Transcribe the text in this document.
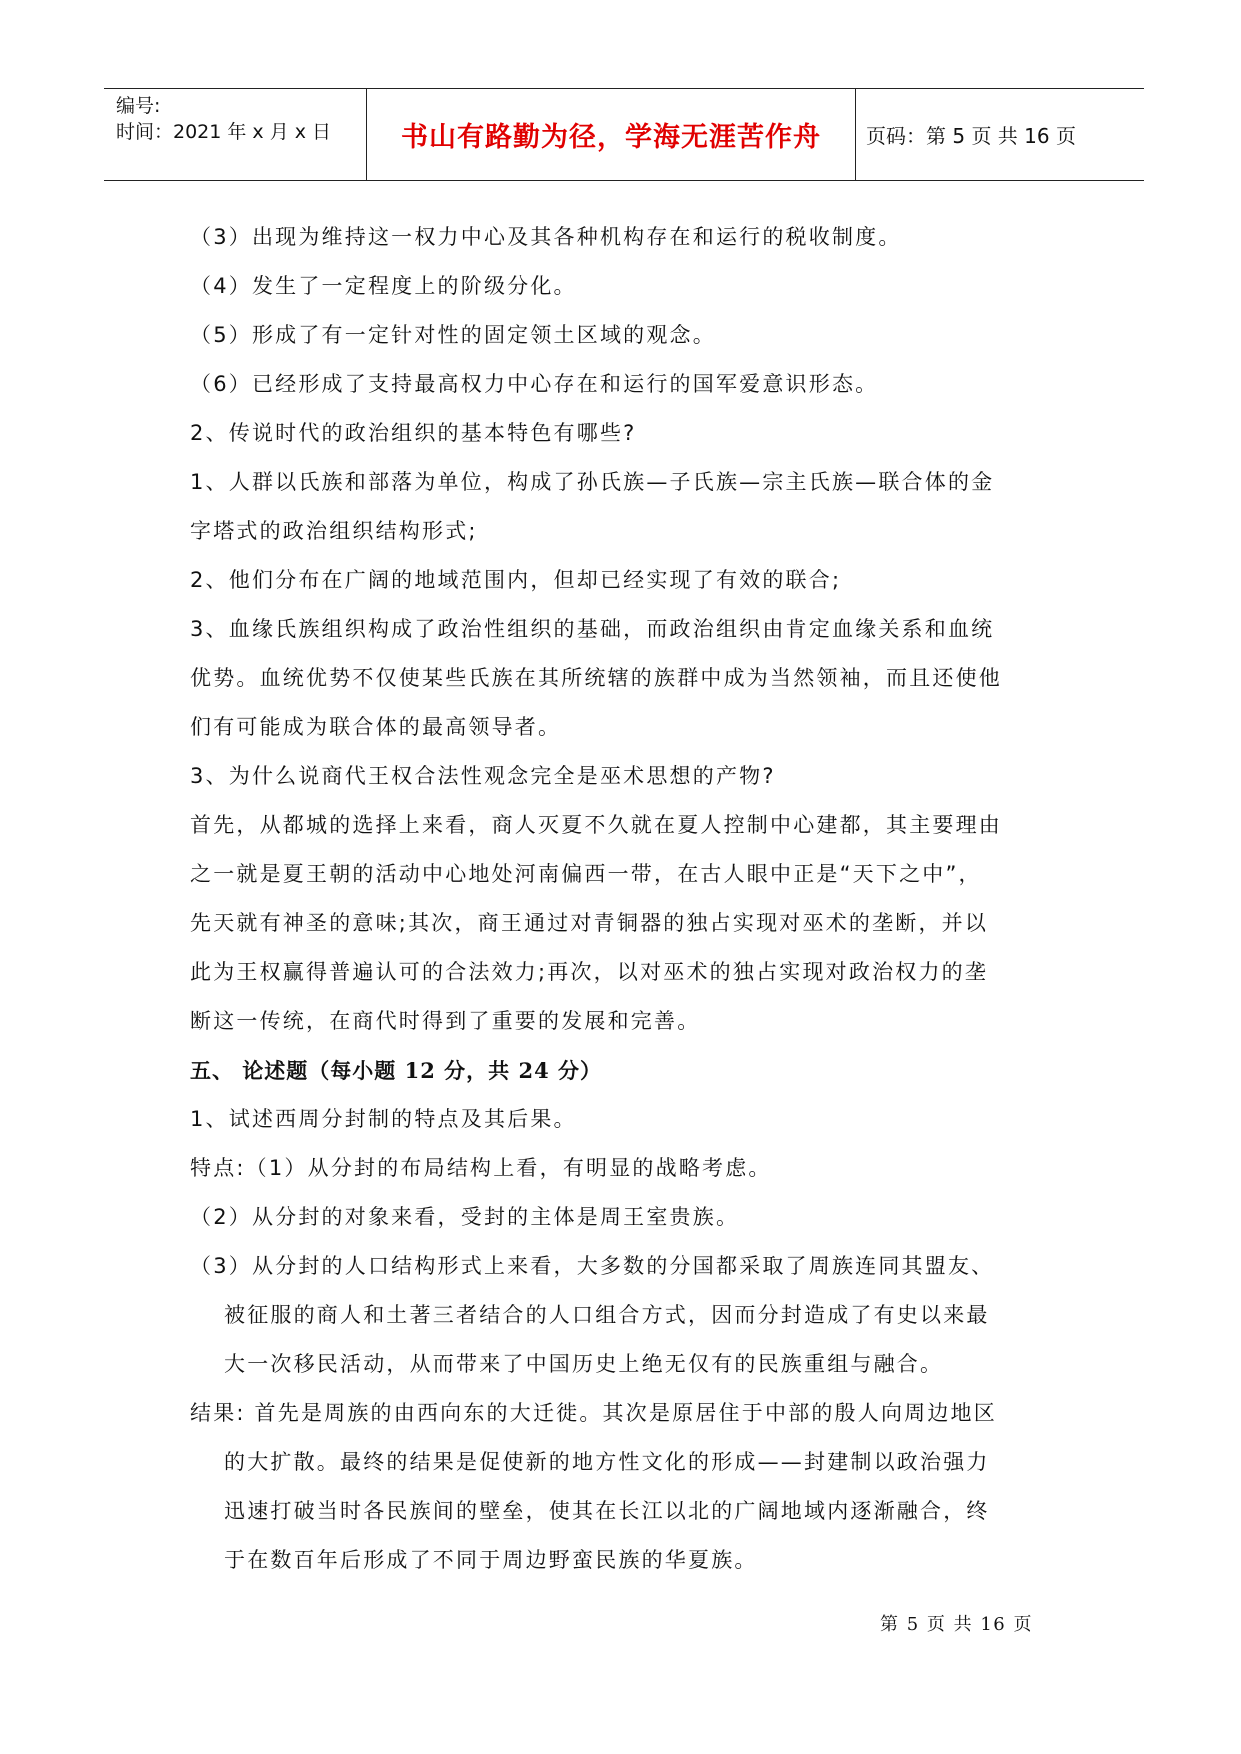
编号:
时间：2021 年 x 月 x 日	书山有路勤为径，学海无涯苦作舟	页码：第 5 页 共 16 页
（3）出现为维持这一权力中心及其各种机构存在和运行的税收制度。
（4）发生了一定程度上的阶级分化。
（5）形成了有一定针对性的固定领土区域的观念。
（6）已经形成了支持最高权力中心存在和运行的国军爱意识形态。
2、传说时代的政治组织的基本特色有哪些?
1、人群以氏族和部落为单位，构成了孙氏族—子氏族—宗主氏族—联合体的金
字塔式的政治组织结构形式;
2、他们分布在广阔的地域范围内，但却已经实现了有效的联合;
3、血缘氏族组织构成了政治性组织的基础，而政治组织由肯定血缘关系和血统
优势。血统优势不仅使某些氏族在其所统辖的族群中成为当然领袖，而且还使他
们有可能成为联合体的最高领导者。
3、为什么说商代王权合法性观念完全是巫术思想的产物?
首先，从都城的选择上来看，商人灭夏不久就在夏人控制中心建都，其主要理由
之一就是夏王朝的活动中心地处河南偏西一带，在古人眼中正是“天下之中”，
先天就有神圣的意味;其次，商王通过对青铜器的独占实现对巫术的垄断，并以
此为王权赢得普遍认可的合法效力;再次，以对巫术的独占实现对政治权力的垄
断这一传统，在商代时得到了重要的发展和完善。
五、 论述题（每小题 12 分，共 24 分）
1、试述西周分封制的特点及其后果。
特点:（1）从分封的布局结构上看，有明显的战略考虑。
（2）从分封的对象来看，受封的主体是周王室贵族。
（3）从分封的人口结构形式上来看，大多数的分国都采取了周族连同其盟友、
被征服的商人和土著三者结合的人口组合方式，因而分封造成了有史以来最
大一次移民活动，从而带来了中国历史上绝无仅有的民族重组与融合。
结果: 首先是周族的由西向东的大迁徙。其次是原居住于中部的殷人向周边地区
的大扩散。最终的结果是促使新的地方性文化的形成——封建制以政治强力
迅速打破当时各民族间的壁垒，使其在长江以北的广阔地域内逐渐融合，终
于在数百年后形成了不同于周边野蛮民族的华夏族。
第 5 页 共 16 页
